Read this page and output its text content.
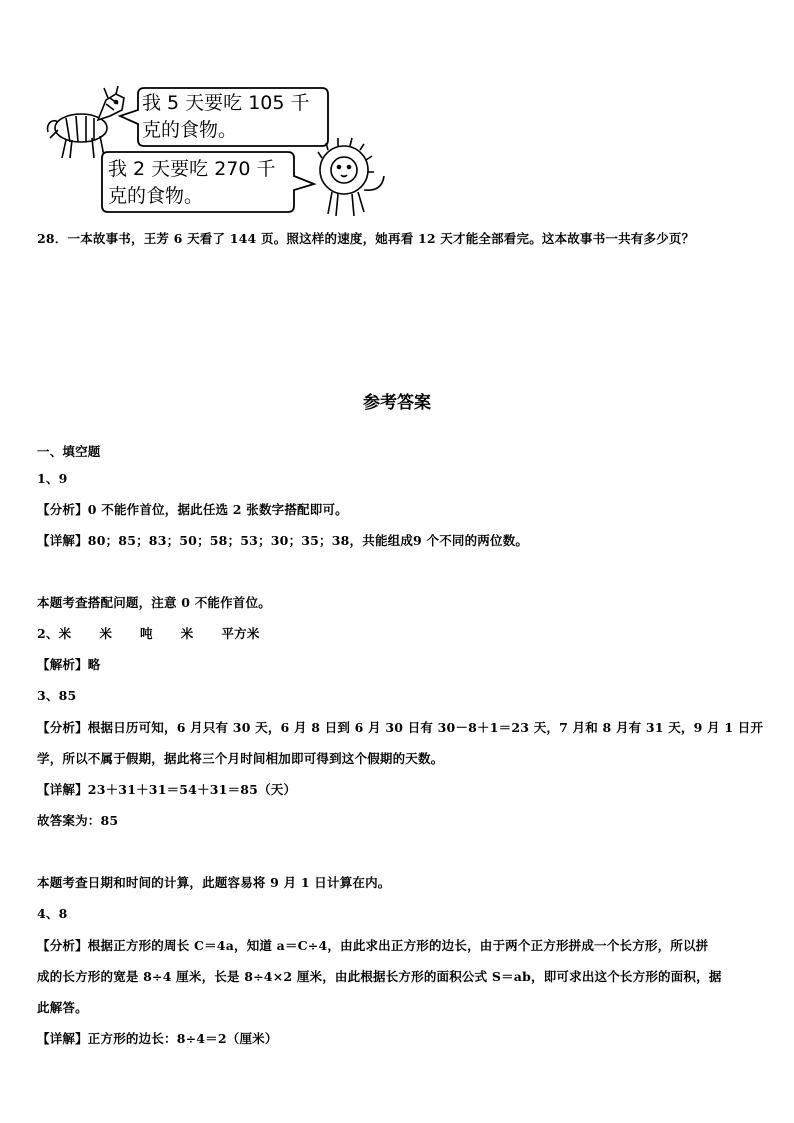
我 5 天要吃 105 千
克的食物。
我 2 天要吃 270 千
克的食物。
28．一本故事书，王芳 6 天看了 144 页。照这样的速度，她再看 12 天才能全部看完。这本故事书一共有多少页？
参考答案
一、填空题
1、9
【分析】0 不能作首位，据此任选 2 张数字搭配即可。
【详解】80；85；83；50；58；53；30；35；38，共能组成9 个不同的两位数。
本题考查搭配问题，注意 0 不能作首位。
2、米 米 吨 米 平方米
【解析】略
3、85
【分析】根据日历可知，6 月只有 30 天，6 月 8 日到 6 月 30 日有 30－8＋1＝23 天，7 月和 8 月有 31 天，9 月 1 日开
学，所以不属于假期，据此将三个月时间相加即可得到这个假期的天数。
【详解】23＋31＋31＝54＋31＝85（天）
故答案为：85
本题考查日期和时间的计算，此题容易将 9 月 1 日计算在内。
4、8
【分析】根据正方形的周长 C＝4a，知道 a＝C÷4，由此求出正方形的边长，由于两个正方形拼成一个长方形，所以拼
成的长方形的宽是 8÷4 厘米，长是 8÷4×2 厘米，由此根据长方形的面积公式 S＝ab，即可求出这个长方形的面积，据
此解答。
【详解】正方形的边长：8÷4＝2（厘米）
